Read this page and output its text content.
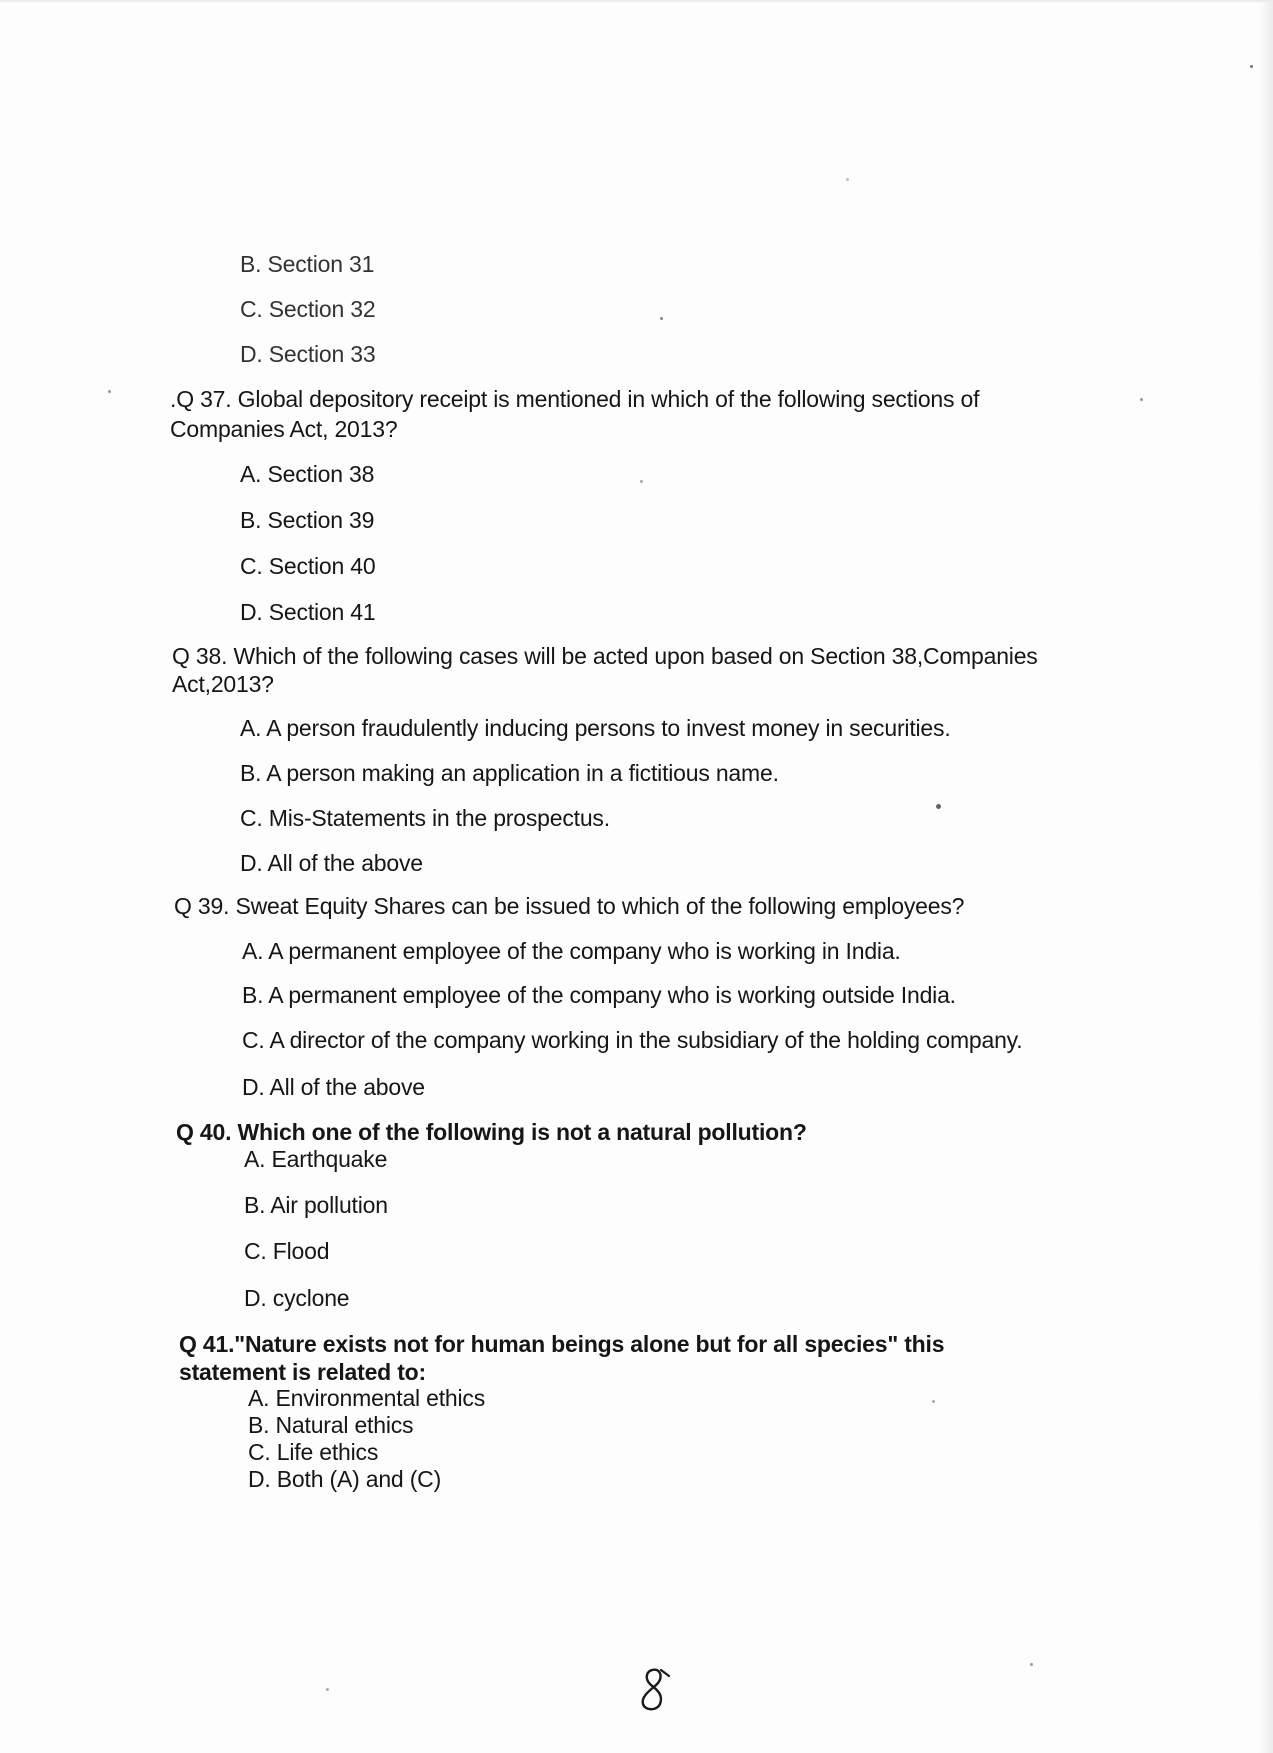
B. Section 31
C. Section 32
D. Section 33
.Q 37. Global depository receipt is mentioned in which of the following sections of
Companies Act, 2013?
A. Section 38
B. Section 39
C. Section 40
D. Section 41
Q 38. Which of the following cases will be acted upon based on Section 38,Companies
Act,2013?
A. A person fraudulently inducing persons to invest money in securities.
B. A person making an application in a fictitious name.
C. Mis-Statements in the prospectus.
D. All of the above
Q 39. Sweat Equity Shares can be issued to which of the following employees?
A. A permanent employee of the company who is working in India.
B. A permanent employee of the company who is working outside India.
C. A director of the company working in the subsidiary of the holding company.
D. All of the above
Q 40. Which one of the following is not a natural pollution?
A. Earthquake
B. Air pollution
C. Flood
D. cyclone
Q 41."Nature exists not for human beings alone but for all species" this
statement is related to:
A. Environmental ethics
B. Natural ethics
C. Life ethics
D. Both (A) and (C)
